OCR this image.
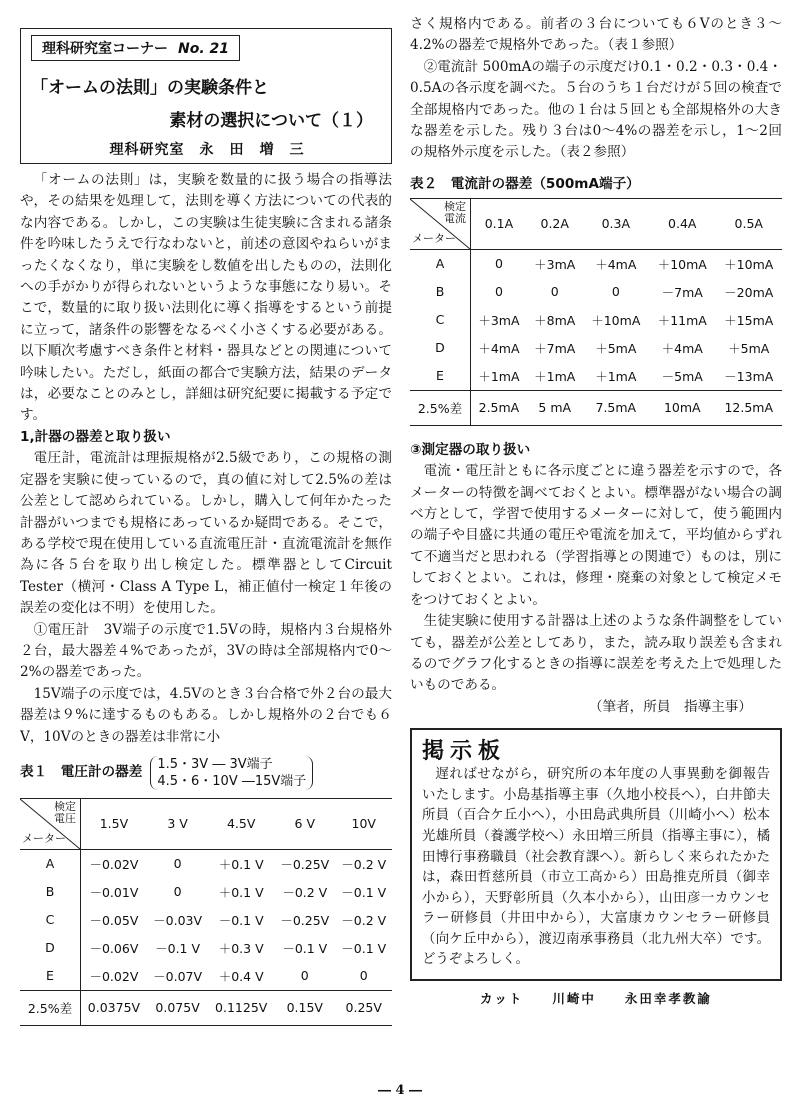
理科研究室コーナー No. 21
「オームの法則」の実験条件と
素材の選択について（１）
理科研究室　永　田　増　三

「オームの法則」は，実験を数量的に扱う場合の指導法や，その結果を処理して，法則を導く方法についての代表的な内容である。しかし，この実験は生徒実験に含まれる諸条件を吟味したうえで行なわないと，前述の意図やねらいがまったくなくなり，単に実験をし数値を出したものの，法則化への手がかりが得られないというような事態になり易い。そこで，数量的に取り扱い法則化に導く指導をするという前提に立って，諸条件の影響をなるべく小さくする必要がある。以下順次考慮すべき条件と材料・器具などとの関連について吟味したい。ただし，紙面の都合で実験方法，結果のデータは，必要なことのみとし，詳細は研究紀要に掲載する予定です。

1,計器の器差と取り扱い

電圧計，電流計は理振規格が2.5級であり，この規格の測定器を実験に使っているので，真の値に対して2.5%の差は公差として認められている。しかし，購入して何年かたった計器がいつまでも規格にあっているか疑問である。そこで，ある学校で現在使用している直流電圧計・直流電流計を無作為に各５台を取り出し検定した。標準器としてCircuit Tester（横河・Class A Type L，補正値付一検定１年後の誤差の変化は不明）を使用した。

①電圧計　3V端子の示度で1.5Vの時，規格内３台規格外２台，最大器差４%であったが，3Vの時は全部規格内で0～2%の器差であった。

15V端子の示度では，4.5Vのとき３台合格で外２台の最大器差は９%に達するものもある。しかし規格外の２台でも６V，10Vのときの器差は非常に小

表１　電圧計の器差 1.5・3V ― 3V端子
4.5・6・10V ―15V端子
検定
電圧
メーター	1.5V	3 V	4.5V	6 V	10V
A	－0.02V	0	＋0.1 V	－0.25V	－0.2 V
B	－0.01V	0	＋0.1 V	－0.2 V	－0.1 V
C	－0.05V	－0.03V	－0.1 V	－0.25V	－0.2 V
D	－0.06V	－0.1 V	＋0.3 V	－0.1 V	－0.1 V
E	－0.02V	－0.07V	＋0.4 V	0	0
2.5%差	0.0375V	0.075V	0.1125V	0.15V	0.25V

さく規格内である。前者の３台についても６Vのとき３～4.2%の器差で規格外であった。（表１参照）

②電流計 500mAの端子の示度だけ0.1・0.2・0.3・0.4・0.5Aの各示度を調べた。５台のうち１台だけが５回の検査で全部規格内であった。他の１台は５回とも全部規格外の大きな器差を示した。残り３台は0～4%の器差を示し，1～2回の規格外示度を示した。（表２参照）

表２　電流計の器差（500mA端子）
検定
電流
メーター	0.1A	0.2A	0.3A	0.4A	0.5A
A	0	＋3mA	＋4mA	＋10mA	＋10mA
B	0	0	0	－7mA	－20mA
C	＋3mA	＋8mA	＋10mA	＋11mA	＋15mA
D	＋4mA	＋7mA	＋5mA	＋4mA	＋5mA
E	＋1mA	＋1mA	＋1mA	－5mA	－13mA
2.5%差	2.5mA	5 mA	7.5mA	10mA	12.5mA
③測定器の取り扱い

電流・電圧計ともに各示度ごとに違う器差を示すので，各メーターの特徴を調べておくとよい。標準器がない場合の調べ方として，学習で使用するメーターに対して，使う範囲内の端子や目盛に共通の電圧や電流を加えて，平均値からずれて不適当だと思われる（学習指導との関連で）ものは，別にしておくとよい。これは，修理・廃棄の対象として検定メモをつけておくとよい。

生徒実験に使用する計器は上述のような条件調整をしていても，器差が公差としてあり，また，読み取り誤差も含まれるのでグラフ化するときの指導に誤差を考えた上で処理したいものである。

（筆者，所員　指導主事）

掲示板

遅ればせながら，研究所の本年度の人事異動を御報告いたします。小島基指導主事（久地小校長へ），白井節夫所員（百合ケ丘小へ），小田島武典所員（川崎小へ）松本光雄所員（養護学校へ）永田増三所員（指導主事に），橘田博行事務職員（社会教育課へ）。新らしく来られたかたは，森田哲慈所員（市立工高から）田島推克所員（御幸小から），天野彰所員（久本小から），山田彦一カウンセラー研修員（井田中から），大富康カウンセラー研修員（向ケ丘中から），渡辺南承事務員（北九州大卒）です。どうぞよろしく。

カット　　川崎中　　永田幸孝教諭
― 4 ―
